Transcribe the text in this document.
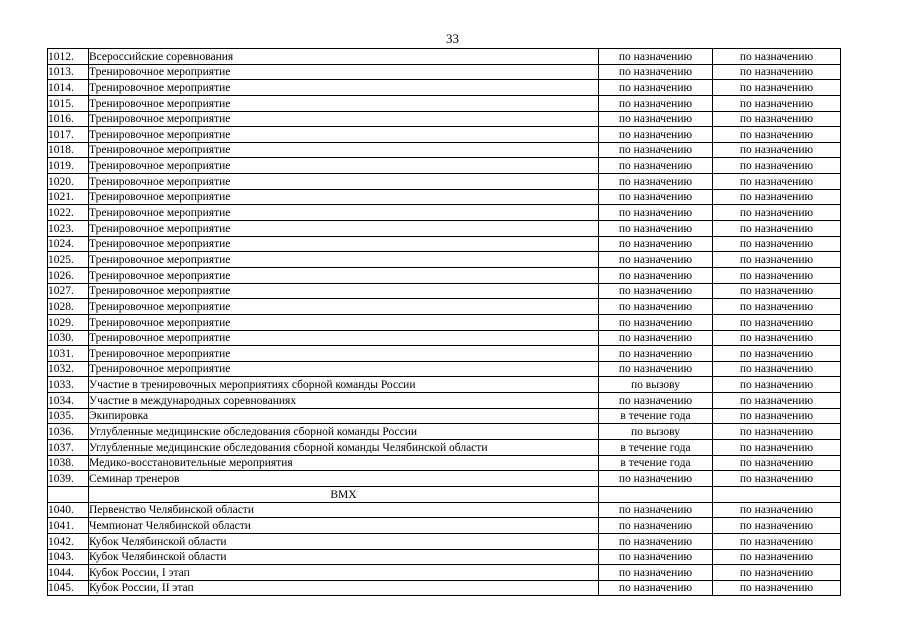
33
1012.	Всероссийские соревнования	по назначению	по назначению
1013.	Тренировочное мероприятие	по назначению	по назначению
1014.	Тренировочное мероприятие	по назначению	по назначению
1015.	Тренировочное мероприятие	по назначению	по назначению
1016.	Тренировочное мероприятие	по назначению	по назначению
1017.	Тренировочное мероприятие	по назначению	по назначению
1018.	Тренировочное мероприятие	по назначению	по назначению
1019.	Тренировочное мероприятие	по назначению	по назначению
1020.	Тренировочное мероприятие	по назначению	по назначению
1021.	Тренировочное мероприятие	по назначению	по назначению
1022.	Тренировочное мероприятие	по назначению	по назначению
1023.	Тренировочное мероприятие	по назначению	по назначению
1024.	Тренировочное мероприятие	по назначению	по назначению
1025.	Тренировочное мероприятие	по назначению	по назначению
1026.	Тренировочное мероприятие	по назначению	по назначению
1027.	Тренировочное мероприятие	по назначению	по назначению
1028.	Тренировочное мероприятие	по назначению	по назначению
1029.	Тренировочное мероприятие	по назначению	по назначению
1030.	Тренировочное мероприятие	по назначению	по назначению
1031.	Тренировочное мероприятие	по назначению	по назначению
1032.	Тренировочное мероприятие	по назначению	по назначению
1033.	Участие в тренировочных мероприятиях сборной команды России	по вызову	по назначению
1034.	Участие в международных соревнованиях	по назначению	по назначению
1035.	Экипировка	в течение года	по назначению
1036.	Углубленные медицинские обследования сборной команды России	по вызову	по назначению
1037.	Углубленные медицинские обследования сборной команды Челябинской области	в течение года	по назначению
1038.	Медико-восстановительные мероприятия	в течение года	по назначению
1039.	Семинар тренеров	по назначению	по назначению
	BMX		
1040.	Первенство Челябинской области	по назначению	по назначению
1041.	Чемпионат Челябинской области	по назначению	по назначению
1042.	Кубок Челябинской области	по назначению	по назначению
1043.	Кубок Челябинской области	по назначению	по назначению
1044.	Кубок России, I этап	по назначению	по назначению
1045.	Кубок России, II этап	по назначению	по назначению
